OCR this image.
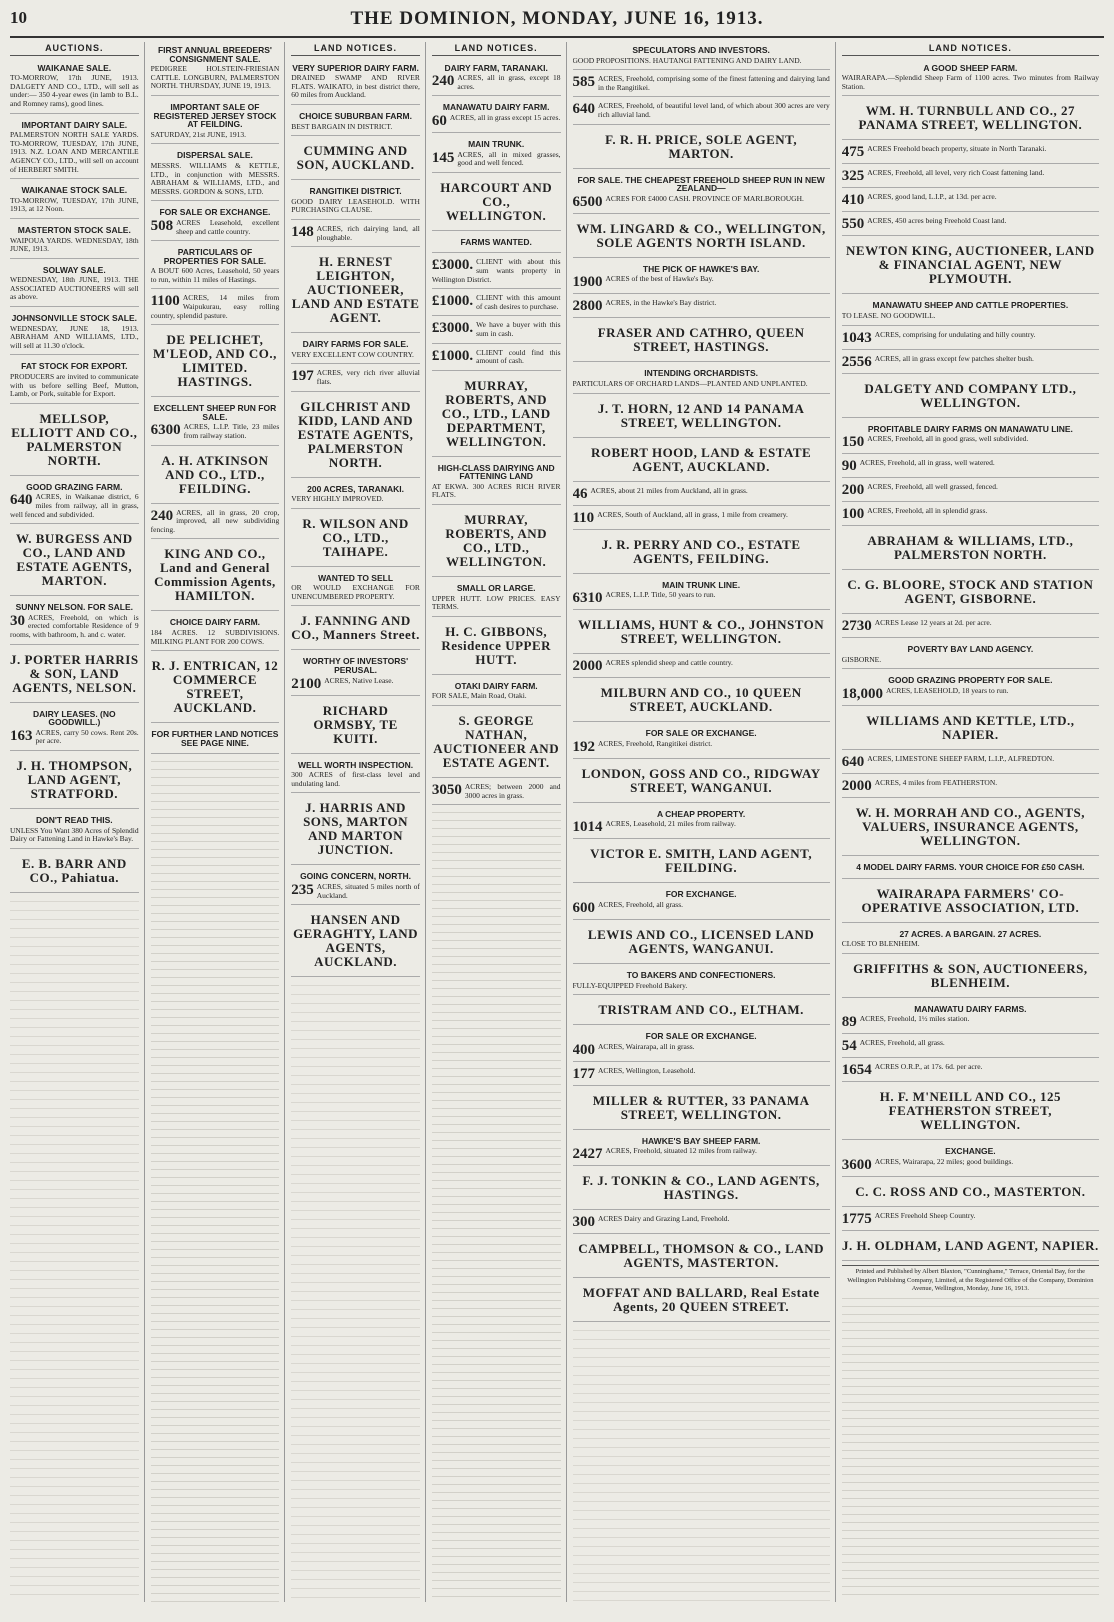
10	THE DOMINION, MONDAY, JUNE 16, 1913.
AUCTIONS.
WAIKANAE SALE.
TO-MORROW, 17th JUNE, 1913. DALGETY AND CO., LTD., will sell as under:— 350 4-year ewes (in lamb to B.L. and Romney rams), good lines.
IMPORTANT DAIRY SALE.
PALMERSTON NORTH SALE YARDS. TO-MORROW, TUESDAY, 17th JUNE, 1913. N.Z. LOAN AND MERCANTILE AGENCY CO., LTD., will sell on account of HERBERT SMITH.
WAIKANAE STOCK SALE.
TO-MORROW, TUESDAY, 17th JUNE, 1913, at 12 Noon.
MASTERTON STOCK SALE.
WAIPOUA YARDS. WEDNESDAY, 18th JUNE, 1913.
SOLWAY SALE.
WEDNESDAY, 18th JUNE, 1913. THE ASSOCIATED AUCTIONEERS will sell as above.
JOHNSONVILLE STOCK SALE.
WEDNESDAY, JUNE 18, 1913. ABRAHAM AND WILLIAMS, LTD., will sell at 11.30 o'clock.
FAT STOCK FOR EXPORT.
PRODUCERS are invited to communicate with us before selling Beef, Mutton, Lamb, or Pork, suitable for Export.
MELLSOP, ELLIOTT AND CO., PALMERSTON NORTH.
GOOD GRAZING FARM.
640 ACRES, in Waikanae district, 6 miles from railway, all in grass, well fenced and subdivided.
W. BURGESS AND CO., LAND AND ESTATE AGENTS, MARTON.
SUNNY NELSON. FOR SALE.
30 ACRES, Freehold, on which is erected comfortable Residence of 9 rooms, with bathroom, h. and c. water.
J. PORTER HARRIS & SON, LAND AGENTS, NELSON.
DAIRY LEASES. (NO GOODWILL.)
163 ACRES, carry 50 cows. Rent 20s. per acre.
J. H. THOMPSON, LAND AGENT, STRATFORD.
DON'T READ THIS.
UNLESS You Want 380 Acres of Splendid Dairy or Fattening Land in Hawke's Bay.
E. B. BARR AND CO., Pahiatua.
FIRST ANNUAL BREEDERS' CONSIGNMENT SALE.
PEDIGREE HOLSTEIN-FRIESIAN CATTLE. LONGBURN, PALMERSTON NORTH. THURSDAY, JUNE 19, 1913.
IMPORTANT SALE OF REGISTERED JERSEY STOCK AT FEILDING.
SATURDAY, 21st JUNE, 1913.
DISPERSAL SALE.
MESSRS. WILLIAMS & KETTLE, LTD., in conjunction with MESSRS. ABRAHAM & WILLIAMS, LTD., and MESSRS. GORDON & SONS, LTD.
FOR SALE OR EXCHANGE.
508 ACRES Leasehold, excellent sheep and cattle country.
PARTICULARS OF PROPERTIES FOR SALE.
A BOUT 600 Acres, Leasehold, 50 years to run, within 11 miles of Hastings.
1100 ACRES, 14 miles from Waipukurau, easy rolling country, splendid pasture.
DE PELICHET, M'LEOD, AND CO., LIMITED. HASTINGS.
EXCELLENT SHEEP RUN FOR SALE.
6300 ACRES, L.I.P. Title, 23 miles from railway station.
A. H. ATKINSON AND CO., LTD., FEILDING.
240 ACRES, all in grass, 20 crop, improved, all new subdividing fencing.
KING AND CO., Land and General Commission Agents, HAMILTON.
CHOICE DAIRY FARM.
184 ACRES. 12 SUBDIVISIONS. MILKING PLANT FOR 200 COWS.
R. J. ENTRICAN, 12 COMMERCE STREET, AUCKLAND.
FOR FURTHER LAND NOTICES SEE PAGE NINE.
LAND NOTICES.
VERY SUPERIOR DAIRY FARM.
DRAINED SWAMP AND RIVER FLATS. WAIKATO, in best district there, 60 miles from Auckland.
CHOICE SUBURBAN FARM.
BEST BARGAIN IN DISTRICT.
CUMMING AND SON, AUCKLAND.
RANGITIKEI DISTRICT.
GOOD DAIRY LEASEHOLD. WITH PURCHASING CLAUSE.
148 ACRES, rich dairying land, all ploughable.
H. ERNEST LEIGHTON, AUCTIONEER, LAND AND ESTATE AGENT.
DAIRY FARMS FOR SALE.
VERY EXCELLENT COW COUNTRY.
197 ACRES, very rich river alluvial flats.
GILCHRIST AND KIDD, LAND AND ESTATE AGENTS, PALMERSTON NORTH.
200 ACRES, TARANAKI.
VERY HIGHLY IMPROVED.
R. WILSON AND CO., LTD., TAIHAPE.
WANTED TO SELL
OR WOULD EXCHANGE FOR UNENCUMBERED PROPERTY.
J. FANNING AND CO., Manners Street.
WORTHY OF INVESTORS' PERUSAL.
2100 ACRES, Native Lease.
RICHARD ORMSBY, TE KUITI.
WELL WORTH INSPECTION.
300 ACRES of first-class level and undulating land.
J. HARRIS AND SONS, MARTON AND MARTON JUNCTION.
GOING CONCERN, NORTH.
235 ACRES, situated 5 miles north of Auckland.
HANSEN AND GERAGHTY, LAND AGENTS, AUCKLAND.
LAND NOTICES.
DAIRY FARM, TARANAKI.
240 ACRES, all in grass, except 18 acres.
MANAWATU DAIRY FARM.
60 ACRES, all in grass except 15 acres.
MAIN TRUNK.
145 ACRES, all in mixed grasses, good and well fenced.
HARCOURT AND CO., WELLINGTON.
FARMS WANTED.
£3000. CLIENT with about this sum wants property in Wellington District.
£1000. CLIENT with this amount of cash desires to purchase.
£3000. We have a buyer with this sum in cash.
£1000. CLIENT could find this amount of cash.
MURRAY, ROBERTS, AND CO., LTD., LAND DEPARTMENT, WELLINGTON.
HIGH-CLASS DAIRYING AND FATTENING LAND
AT EKWA. 300 ACRES RICH RIVER FLATS.
MURRAY, ROBERTS, AND CO., LTD., WELLINGTON.
SMALL OR LARGE.
UPPER HUTT. LOW PRICES. EASY TERMS.
H. C. GIBBONS, Residence UPPER HUTT.
OTAKI DAIRY FARM.
FOR SALE, Main Road, Otaki.
S. GEORGE NATHAN, AUCTIONEER AND ESTATE AGENT.
3050 ACRES; between 2000 and 3000 acres in grass.
SPECULATORS AND INVESTORS.
GOOD PROPOSITIONS. HAUTANGI FATTENING AND DAIRY LAND.
585 ACRES, Freehold, comprising some of the finest fattening and dairying land in the Rangitikei.
640 ACRES, Freehold, of beautiful level land, of which about 300 acres are very rich alluvial land.
F. R. H. PRICE, SOLE AGENT, MARTON.
FOR SALE. THE CHEAPEST FREEHOLD SHEEP RUN IN NEW ZEALAND—
6500 ACRES FOR £4000 CASH. PROVINCE OF MARLBOROUGH.
WM. LINGARD & CO., WELLINGTON, SOLE AGENTS NORTH ISLAND.
THE PICK OF HAWKE'S BAY.
1900 ACRES of the best of Hawke's Bay.
2800 ACRES, in the Hawke's Bay district.
FRASER AND CATHRO, QUEEN STREET, HASTINGS.
INTENDING ORCHARDISTS.
PARTICULARS OF ORCHARD LANDS—PLANTED AND UNPLANTED.
J. T. HORN, 12 AND 14 PANAMA STREET, WELLINGTON.
ROBERT HOOD, LAND & ESTATE AGENT, AUCKLAND.
46 ACRES, about 21 miles from Auckland, all in grass.
110 ACRES, South of Auckland, all in grass, 1 mile from creamery.
J. R. PERRY AND CO., ESTATE AGENTS, FEILDING.
MAIN TRUNK LINE.
6310 ACRES, L.I.P. Title, 50 years to run.
WILLIAMS, HUNT & CO., JOHNSTON STREET, WELLINGTON.
2000 ACRES splendid sheep and cattle country.
MILBURN AND CO., 10 QUEEN STREET, AUCKLAND.
FOR SALE OR EXCHANGE.
192 ACRES, Freehold, Rangitikei district.
LONDON, GOSS AND CO., RIDGWAY STREET, WANGANUI.
A CHEAP PROPERTY.
1014 ACRES, Leasehold, 21 miles from railway.
VICTOR E. SMITH, LAND AGENT, FEILDING.
FOR EXCHANGE.
600 ACRES, Freehold, all grass.
LEWIS AND CO., LICENSED LAND AGENTS, WANGANUI.
TO BAKERS AND CONFECTIONERS.
FULLY-EQUIPPED Freehold Bakery.
TRISTRAM AND CO., ELTHAM.
FOR SALE OR EXCHANGE.
400 ACRES, Wairarapa, all in grass.
177 ACRES, Wellington, Leasehold.
MILLER & RUTTER, 33 PANAMA STREET, WELLINGTON.
HAWKE'S BAY SHEEP FARM.
2427 ACRES, Freehold, situated 12 miles from railway.
F. J. TONKIN & CO., LAND AGENTS, HASTINGS.
300 ACRES Dairy and Grazing Land, Freehold.
CAMPBELL, THOMSON & CO., LAND AGENTS, MASTERTON.
MOFFAT AND BALLARD, Real Estate Agents, 20 QUEEN STREET.
LAND NOTICES.
A GOOD SHEEP FARM.
WAIRARAPA.—Splendid Sheep Farm of 1100 acres. Two minutes from Railway Station.
WM. H. TURNBULL AND CO., 27 PANAMA STREET, WELLINGTON.
475 ACRES Freehold beach property, situate in North Taranaki.
325 ACRES, Freehold, all level, very rich Coast fattening land.
410 ACRES, good land, L.I.P., at 13d. per acre.
550 ACRES, 450 acres being Freehold Coast land.
NEWTON KING, AUCTIONEER, LAND & FINANCIAL AGENT, NEW PLYMOUTH.
MANAWATU SHEEP AND CATTLE PROPERTIES.
TO LEASE. NO GOODWILL.
1043 ACRES, comprising for undulating and hilly country.
2556 ACRES, all in grass except few patches shelter bush.
DALGETY AND COMPANY LTD., WELLINGTON.
PROFITABLE DAIRY FARMS ON MANAWATU LINE.
150 ACRES, Freehold, all in good grass, well subdivided.
90 ACRES, Freehold, all in grass, well watered.
200 ACRES, Freehold, all well grassed, fenced.
100 ACRES, Freehold, all in splendid grass.
ABRAHAM & WILLIAMS, LTD., PALMERSTON NORTH.
C. G. BLOORE, STOCK AND STATION AGENT, GISBORNE.
2730 ACRES Lease 12 years at 2d. per acre.
POVERTY BAY LAND AGENCY.
GISBORNE.
GOOD GRAZING PROPERTY FOR SALE.
18,000 ACRES, LEASEHOLD, 18 years to run.
WILLIAMS AND KETTLE, LTD., NAPIER.
640 ACRES, LIMESTONE SHEEP FARM, L.I.P., ALFREDTON.
2000 ACRES, 4 miles from FEATHERSTON.
W. H. MORRAH AND CO., AGENTS, VALUERS, INSURANCE AGENTS, WELLINGTON.
4 MODEL DAIRY FARMS. YOUR CHOICE FOR £50 CASH.
WAIRARAPA FARMERS' CO-OPERATIVE ASSOCIATION, LTD.
27 ACRES. A BARGAIN. 27 ACRES.
CLOSE TO BLENHEIM.
GRIFFITHS & SON, AUCTIONEERS, BLENHEIM.
MANAWATU DAIRY FARMS.
89 ACRES, Freehold, 1½ miles station.
54 ACRES, Freehold, all grass.
1654 ACRES O.R.P., at 17s. 6d. per acre.
H. F. M'NEILL AND CO., 125 FEATHERSTON STREET, WELLINGTON.
EXCHANGE.
3600 ACRES, Wairarapa, 22 miles; good buildings.
C. C. ROSS AND CO., MASTERTON.
1775 ACRES Freehold Sheep Country.
J. H. OLDHAM, LAND AGENT, NAPIER.
Printed and Published by Albert Blaxton, "Cunninghame," Terrace, Oriental Bay, for the Wellington Publishing Company, Limited, at the Registered Office of the Company, Dominion Avenue, Wellington, Monday, June 16, 1913.
